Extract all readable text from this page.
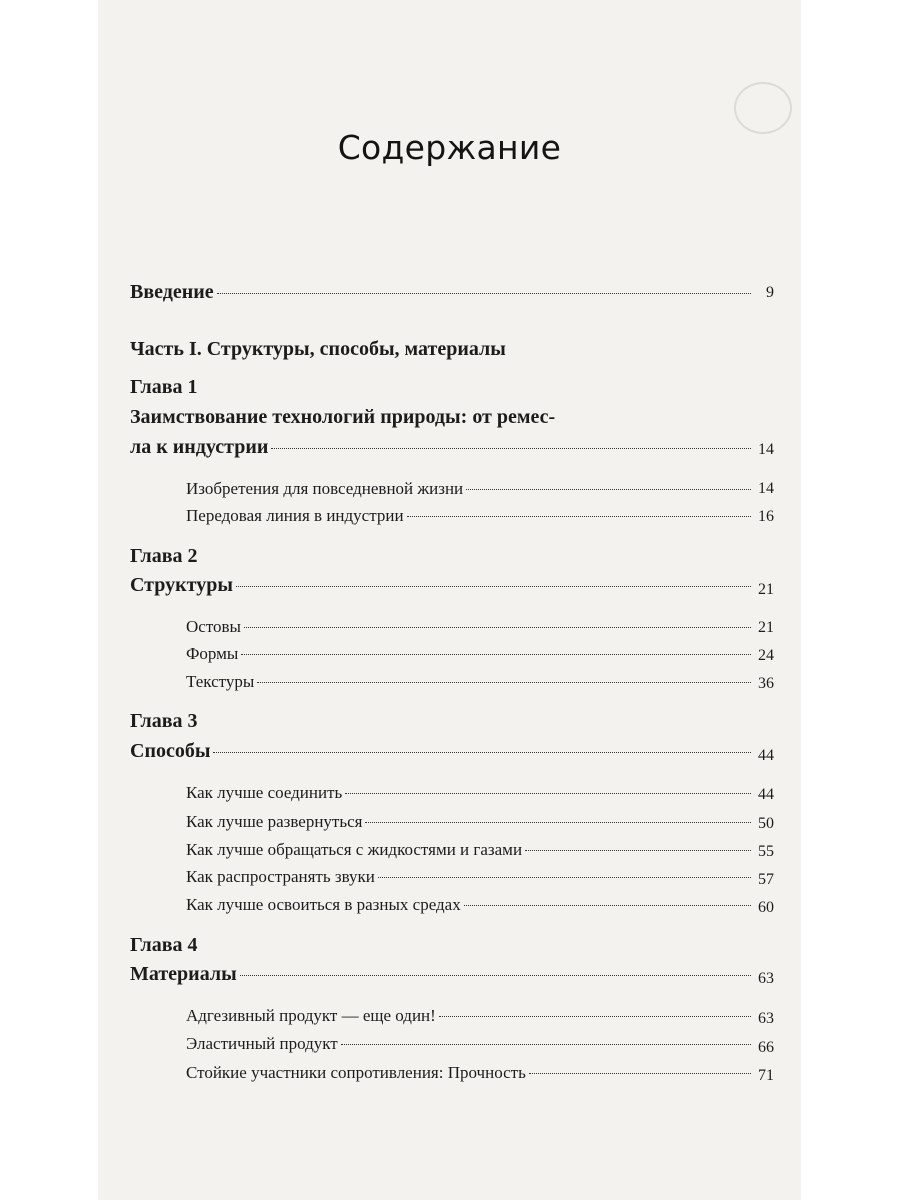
Содержание
Введение	9
Часть I. Структуры, способы, материалы
Глава 1
Заимствование технологий природы: от ремес-
ла к индустрии	14
Изобретения для повседневной жизни	14
Передовая линия в индустрии	16
Глава 2
Структуры	21
Остовы	21
Формы	24
Текстуры	36
Глава 3
Способы	44
Как лучше соединить	44
Как лучше развернуться	50
Как лучше обращаться с жидкостями и газами	55
Как распространять звуки	57
Как лучше освоиться в разных средах	60
Глава 4
Материалы	63
Адгезивный продукт — еще один!	63
Эластичный продукт	66
Стойкие участники сопротивления: Прочность	71
